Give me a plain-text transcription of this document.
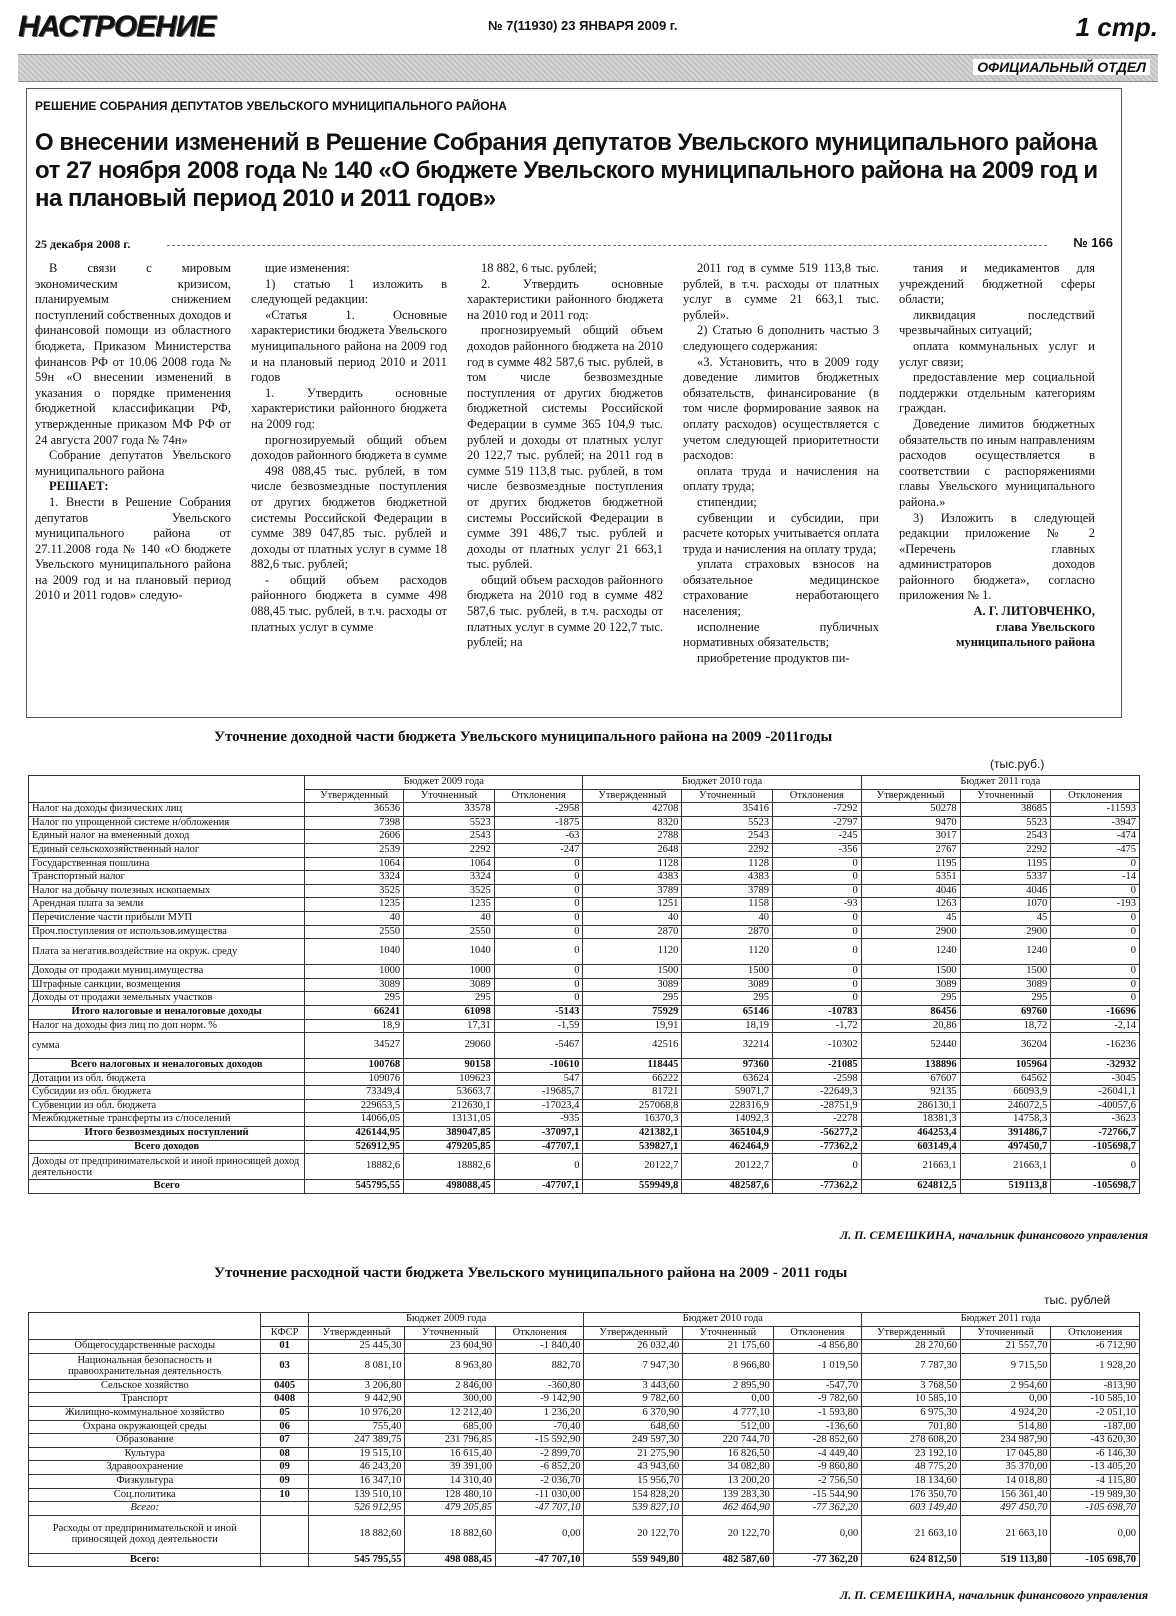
НАСТРОЕНИЕ	№ 7(11930) 23 ЯНВАРЯ 2009 г.	1 стр.
ОФИЦИАЛЬНЫЙ ОТДЕЛ
РЕШЕНИЕ СОБРАНИЯ ДЕПУТАТОВ УВЕЛЬСКОГО МУНИЦИПАЛЬНОГО РАЙОНА
О внесении изменений в Решение Собрания депутатов Увельского муниципального района от 27 ноября 2008 года № 140 «О бюджете Увельского муниципального района на 2009 год и на плановый период 2010 и 2011 годов»
25 декабря 2008 г.	№ 166

В связи с мировым экономическим кризисом, планируемым снижением поступлений собственных доходов и финансовой помощи из областного бюджета, Приказом Министерства финансов РФ от 10.06 2008 года № 59н «О внесении изменений в указания о порядке применения бюджетной классификации РФ, утвержденные приказом МФ РФ от 24 августа 2007 года № 74н»

Собрание депутатов Увельского муниципального района

РЕШАЕТ:

1. Внести в Решение Собрания депутатов Увельского муниципального района от 27.11.2008 года № 140 «О бюджете Увельского муниципального района на 2009 год и на плановый период 2010 и 2011 годов» следую-

щие изменения:

1) статью 1 изложить в следующей редакции:

«Статья 1. Основные характеристики бюджета Увельского муниципального района на 2009 год и на плановый период 2010 и 2011 годов

1. Утвердить основные характеристики районного бюджета на 2009 год:

прогнозируемый общий объем доходов районного бюджета в сумме

498 088,45 тыс. рублей, в том числе безвозмездные поступления от других бюджетов бюджетной системы Российской Федерации в сумме 389 047,85 тыс. рублей и доходы от платных услуг в сумме 18 882,6 тыс. рублей;

- общий объем расходов районного бюджета в сумме 498 088,45 тыс. рублей, в т.ч. расходы от платных услуг в сумме

18 882, 6 тыс. рублей;

2. Утвердить основные характеристики районного бюджета на 2010 год и 2011 год:

прогнозируемый общий объем доходов районного бюджета на 2010 год в сумме 482 587,6 тыс. рублей, в том числе безвозмездные поступления от других бюджетов бюджетной системы Российской Федерации в сумме 365 104,9 тыс. рублей и доходы от платных услуг 20 122,7 тыс. рублей; на 2011 год в сумме 519 113,8 тыс. рублей, в том числе безвозмездные поступления от других бюджетов бюджетной системы Российской Федерации в сумме 391 486,7 тыс. рублей и доходы от платных услуг 21 663,1 тыс. рублей.

общий объем расходов районного бюджета на 2010 год в сумме 482 587,6 тыс. рублей, в т.ч. расходы от платных услуг в сумме 20 122,7 тыс. рублей; на

2011 год в сумме 519 113,8 тыс. рублей, в т.ч. расходы от платных услуг в сумме 21 663,1 тыс. рублей».

2) Статью 6 дополнить частью 3 следующего содержания:

«3. Установить, что в 2009 году доведение лимитов бюджетных обязательств, финансирование (в том числе формирование заявок на оплату расходов) осуществляется с учетом следующей приоритетности расходов:

оплата труда и начисления на оплату труда;

стипендии;

субвенции и субсидии, при расчете которых учитывается оплата труда и начисления на оплату труда;

уплата страховых взносов на обязательное медицинское страхование неработающего населения;

исполнение публичных нормативных обязательств;

приобретение продуктов пи-

тания и медикаментов для учреждений бюджетной сферы области;

ликвидация последствий чрезвычайных ситуаций;

оплата коммунальных услуг и услуг связи;

предоставление мер социальной поддержки отдельным категориям граждан.

Доведение лимитов бюджетных обязательств по иным направлениям расходов осуществляется в соответствии с распоряжениями главы Увельского муниципального района.»

3) Изложить в следующей редакции приложение № 2 «Перечень главных администраторов доходов районного бюджета», согласно приложения № 1.

А. Г. ЛИТОВЧЕНКО,

глава Увельского муниципального района

Уточнение доходной части бюджета Увельского муниципального района на 2009 -2011годы
(тыс.руб.)
	Бюджет 2009 года			Бюджет 2010 года			Бюджет 2011 года		
	Утвержденный	Уточненный	Отклонения	Утвержденный	Уточненный	Отклонения	Утвержденный	Уточненный	Отклонения
Налог на доходы физических лиц	36536	33578	-2958	42708	35416	-7292	50278	38685	-11593
Налог по упрощенной системе н/обложения	7398	5523	-1875	8320	5523	-2797	9470	5523	-3947
Единый налог на вмененный доход	2606	2543	-63	2788	2543	-245	3017	2543	-474
Единый сельскохозяйственный налог	2539	2292	-247	2648	2292	-356	2767	2292	-475
Государственная пошлина	1064	1064	0	1128	1128	0	1195	1195	0
Транспортный налог	3324	3324	0	4383	4383	0	5351	5337	-14
Налог на добычу полезных ископаемых	3525	3525	0	3789	3789	0	4046	4046	0
Арендная плата за земли	1235	1235	0	1251	1158	-93	1263	1070	-193
Перечисление части прибыли МУП	40	40	0	40	40	0	45	45	0
Проч.поступления от использов.имущества	2550	2550	0	2870	2870	0	2900	2900	0
Плата за негатив.воздействие на окруж. среду	1040	1040	0	1120	1120	0	1240	1240	0
Доходы от продажи муниц.имущества	1000	1000	0	1500	1500	0	1500	1500	0
Штрафные санкции, возмещения	3089	3089	0	3089	3089	0	3089	3089	0
Доходы от продажи земельных участков	295	295	0	295	295	0	295	295	0
Итого налоговые и неналоговые доходы	66241	61098	-5143	75929	65146	-10783	86456	69760	-16696
Налог на доходы физ лиц по доп норм. %	18,9	17,31	-1,59	19,91	18,19	-1,72	20,86	18,72	-2,14
сумма	34527	29060	-5467	42516	32214	-10302	52440	36204	-16236
Всего налоговых и неналоговых доходов	100768	90158	-10610	118445	97360	-21085	138896	105964	-32932
Дотации из обл. бюджета	109076	109623	547	66222	63624	-2598	67607	64562	-3045
Субсидии из обл. бюджета	73349,4	53663,7	-19685,7	81721	59071,7	-22649,3	92135	66093,9	-26041,1
Субвенции из обл. бюджета	229653,5	212630,1	-17023,4	257068,8	228316,9	-28751,9	286130,1	246072,5	-40057,6
Межбюджетные трансферты из с/поселений	14066,05	13131,05	-935	16370,3	14092,3	-2278	18381,3	14758,3	-3623
Итого безвозмездных поступлений	426144,95	389047,85	-37097,1	421382,1	365104,9	-56277,2	464253,4	391486,7	-72766,7
Всего доходов	526912,95	479205,85	-47707,1	539827,1	462464,9	-77362,2	603149,4	497450,7	-105698,7
Доходы от предпринимательской и иной приносящей доход деятельности	18882,6	18882,6	0	20122,7	20122,7	0	21663,1	21663,1	0
Всего	545795,55	498088,45	-47707,1	559949,8	482587,6	-77362,2	624812,5	519113,8	-105698,7
Л. П. СЕМЕШКИНА, начальник финансового управления
Уточнение расходной части бюджета Увельского муниципального района на 2009 - 2011 годы
тыс. рублей
		Бюджет 2009 года			Бюджет 2010 года			Бюджет 2011 года		
	КФСР	Утвержденный	Уточненный	Отклонения	Утвержденный	Уточненный	Отклонения	Утвержденный	Уточненный	Отклонения
Общегосударственные расходы	01	25 445,30	23 604,90	-1 840,40	26 032,40	21 175,60	-4 856,80	28 270,60	21 557,70	-6 712,90
Национальная безопасность и правоохранительная деятельность	03	8 081,10	8 963,80	882,70	7 947,30	8 966,80	1 019,50	7 787,30	9 715,50	1 928,20
Сельское хозяйство	0405	3 206,80	2 846,00	-360,80	3 443,60	2 895,90	-547,70	3 768,50	2 954,60	-813,90
Транспорт	0408	9 442,90	300,00	-9 142,90	9 782,60	0,00	-9 782,60	10 585,10	0,00	-10 585,10
Жилищно-коммунальное хозяйство	05	10 976,20	12 212,40	1 236,20	6 370,90	4 777,10	-1 593,80	6 975,30	4 924,20	-2 051,10
Охрана окружающей среды	06	755,40	685,00	-70,40	648,60	512,00	-136,60	701,80	514,80	-187,00
Образование	07	247 389,75	231 796,85	-15 592,90	249 597,30	220 744,70	-28 852,60	278 608,20	234 987,90	-43 620,30
Культура	08	19 515,10	16 615,40	-2 899,70	21 275,90	16 826,50	-4 449,40	23 192,10	17 045,80	-6 146,30
Здравоохранение	09	46 243,20	39 391,00	-6 852,20	43 943,60	34 082,80	-9 860,80	48 775,20	35 370,00	-13 405,20
Физкультура	09	16 347,10	14 310,40	-2 036,70	15 956,70	13 200,20	-2 756,50	18 134,60	14 018,80	-4 115,80
Соц.политика	10	139 510,10	128 480,10	-11 030,00	154 828,20	139 283,30	-15 544,90	176 350,70	156 361,40	-19 989,30
Всего:		526 912,95	479 205,85	-47 707,10	539 827,10	462 464,90	-77 362,20	603 149,40	497 450,70	-105 698,70
Расходы от предпринимательской и иной приносящей доход деятельности		18 882,60	18 882,60	0,00	20 122,70	20 122,70	0,00	21 663,10	21 663,10	0,00
Всего:		545 795,55	498 088,45	-47 707,10	559 949,80	482 587,60	-77 362,20	624 812,50	519 113,80	-105 698,70
Л. П. СЕМЕШКИНА, начальник финансового управления
